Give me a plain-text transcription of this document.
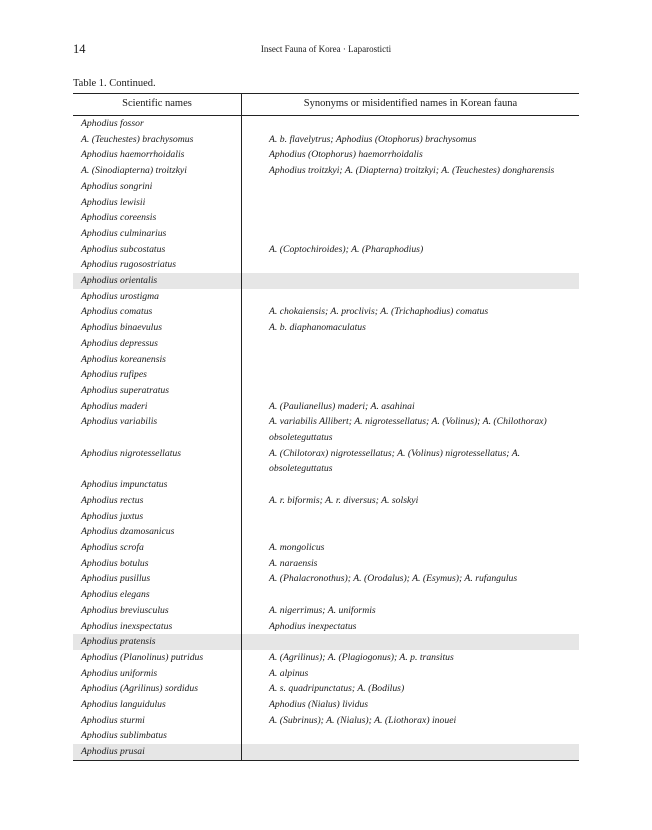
14	Insect Fauna of Korea · Laparosticti
Table 1. Continued.
Scientific names	Synonyms or misidentified names in Korean fauna
Aphodius fossor
A. (Teuchestes) brachysomus	A. b. flavelytrus; Aphodius (Otophorus) brachysomus
Aphodius haemorrhoidalis	Aphodius (Otophorus) haemorrhoidalis
A. (Sinodiapterna) troitzkyi	Aphodius troitzkyi; A. (Diapterna) troitzkyi; A. (Teuchestes) dongharensis
Aphodius songrini
Aphodius lewisii
Aphodius coreensis
Aphodius culminarius
Aphodius subcostatus	A. (Coptochiroides); A. (Pharaphodius)
Aphodius rugosostriatus
Aphodius orientalis
Aphodius urostigma
Aphodius comatus	A. chokaiensis; A. proclivis; A. (Trichaphodius) comatus
Aphodius binaevulus	A. b. diaphanomaculatus
Aphodius depressus
Aphodius koreanensis
Aphodius rufipes
Aphodius superatratus
Aphodius maderi	A. (Paulianellus) maderi; A. asahinai
Aphodius variabilis	A. variabilis Allibert; A. nigrotessellatus; A. (Volinus); A. (Chilothorax) obsoleteguttatus
Aphodius nigrotessellatus	A. (Chilotorax) nigrotessellatus; A. (Volinus) nigrotessellatus; A. obsoleteguttatus
Aphodius impunctatus
Aphodius rectus	A. r. biformis; A. r. diversus; A. solskyi
Aphodius juxtus
Aphodius dzamosanicus
Aphodius scrofa	A. mongolicus
Aphodius botulus	A. naraensis
Aphodius pusillus	A. (Phalacronothus); A. (Orodalus); A. (Esymus); A. rufangulus
Aphodius elegans
Aphodius breviusculus	A. nigerrimus; A. uniformis
Aphodius inexspectatus	Aphodius inexpectatus
Aphodius pratensis
Aphodius (Planolinus) putridus	A. (Agrilinus); A. (Plagiogonus); A. p. transitus
Aphodius uniformis	A. alpinus
Aphodius (Agrilinus) sordidus	A. s. quadripunctatus; A. (Bodilus)
Aphodius languidulus	Aphodius (Nialus) lividus
Aphodius sturmi	A. (Subrinus); A. (Nialus); A. (Liothorax) inouei
Aphodius sublimbatus
Aphodius prusai
